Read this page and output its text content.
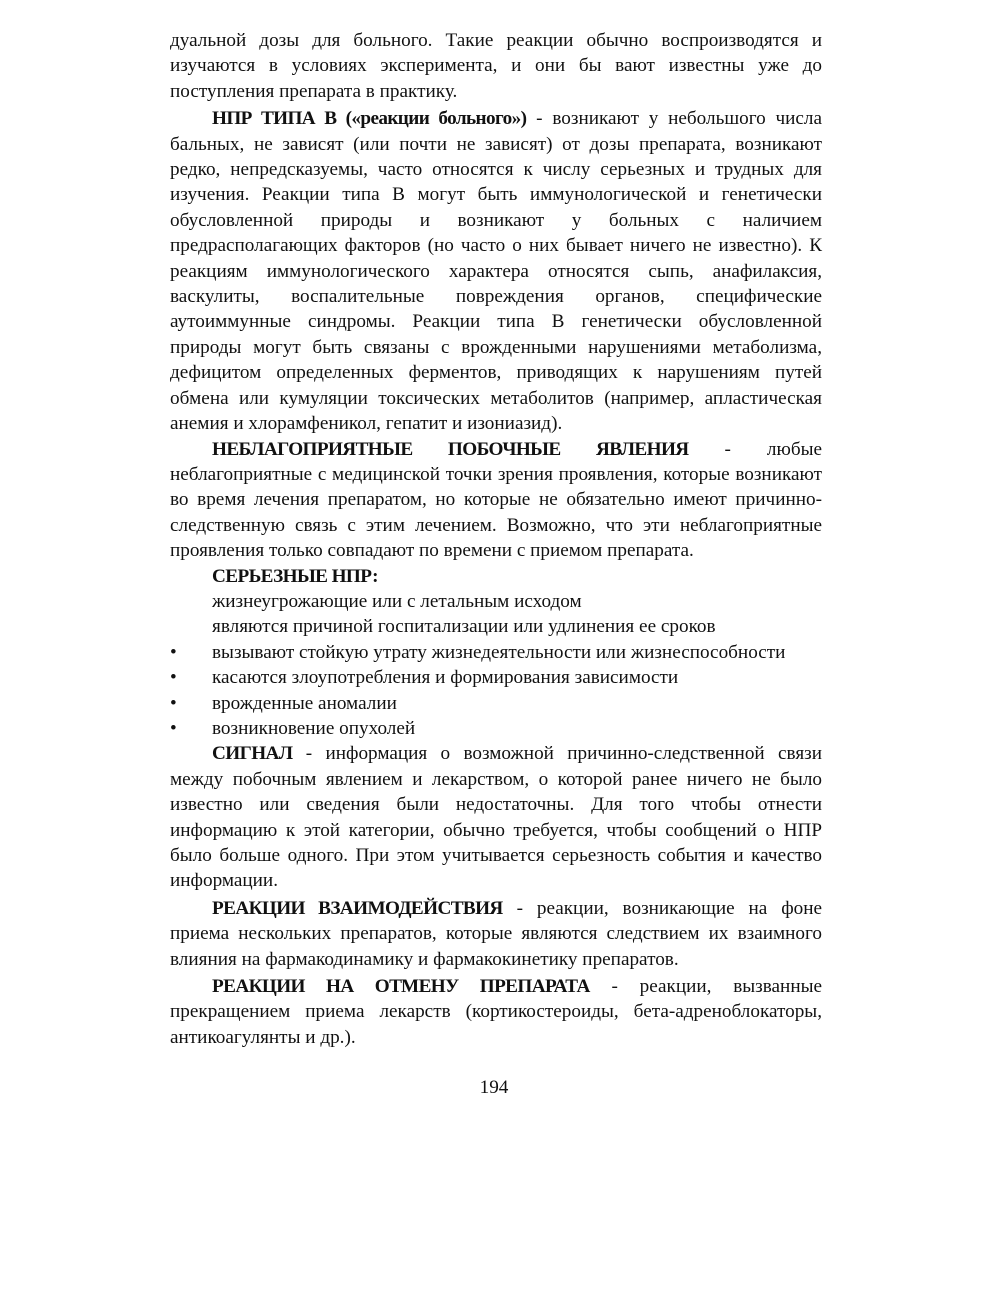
дуальной дозы для больного. Такие реакции обычно воспроизводятся и изучаются в условиях эксперимента, и они бы вают известны уже до поступления препарата в практику.

НПР ТИПА В («реакции больного») - возникают у небольшого числа бальных, не зависят (или почти не зависят) от дозы препарата, возникают редко, непредсказуемы, часто относятся к числу серьезных и трудных для изучения. Реакции типа В могут быть иммунологической и генетически обусловленной природы и возникают у больных с наличием предрасполагающих факторов (но часто о них бывает ничего не известно). К реакциям иммунологического характера относятся сыпь, анафилаксия, васкулиты, воспалительные повреждения органов, специфические аутоиммунные синдромы. Реакции типа В генетически обусловленной природы могут быть связаны с врожденными нарушениями метаболизма, дефицитом определенных ферментов, приводящих к нарушениям путей обмена или кумуляции токсических метаболитов (например, апластическая анемия и хлорамфеникол, гепатит и изониазид).

НЕБЛАГОПРИЯТНЫЕ ПОБОЧНЫЕ ЯВЛЕНИЯ - любые неблагоприятные с медицинской точки зрения проявления, которые возникают во время лечения препаратом, но которые не обязательно имеют причинно-следственную связь с этим лечением. Возможно, что эти неблагоприятные проявления только совпадают по времени с приемом препарата.

СЕРЬЕЗНЫЕ НПР:

жизнеугрожающие или с летальным исходом

являются причиной госпитализации или удлинения ее сроков

• вызывают стойкую утрату жизнедеятельности или жизнеспособности
• касаются злоупотребления и формирования зависимости
• врожденные аномалии
• возникновение опухолей

СИГНАЛ - информация о возможной причинно-следственной связи между побочным явлением и лекарством, о которой ранее ничего не было известно или сведения были недостаточны. Для того чтобы отнести информацию к этой категории, обычно требуется, чтобы сообщений о НПР было больше одного. При этом учитывается серьезность события и качество информации.

РЕАКЦИИ ВЗАИМОДЕЙСТВИЯ - реакции, возникающие на фоне приема нескольких препаратов, которые являются следствием их взаимного влияния на фармакодинамику и фармакокинетику препаратов.

РЕАКЦИИ НА ОТМЕНУ ПРЕПАРАТА - реакции, вызванные прекращением приема лекарств (кортикостероиды, бета-адреноблокаторы, антикоагулянты и др.).

194
